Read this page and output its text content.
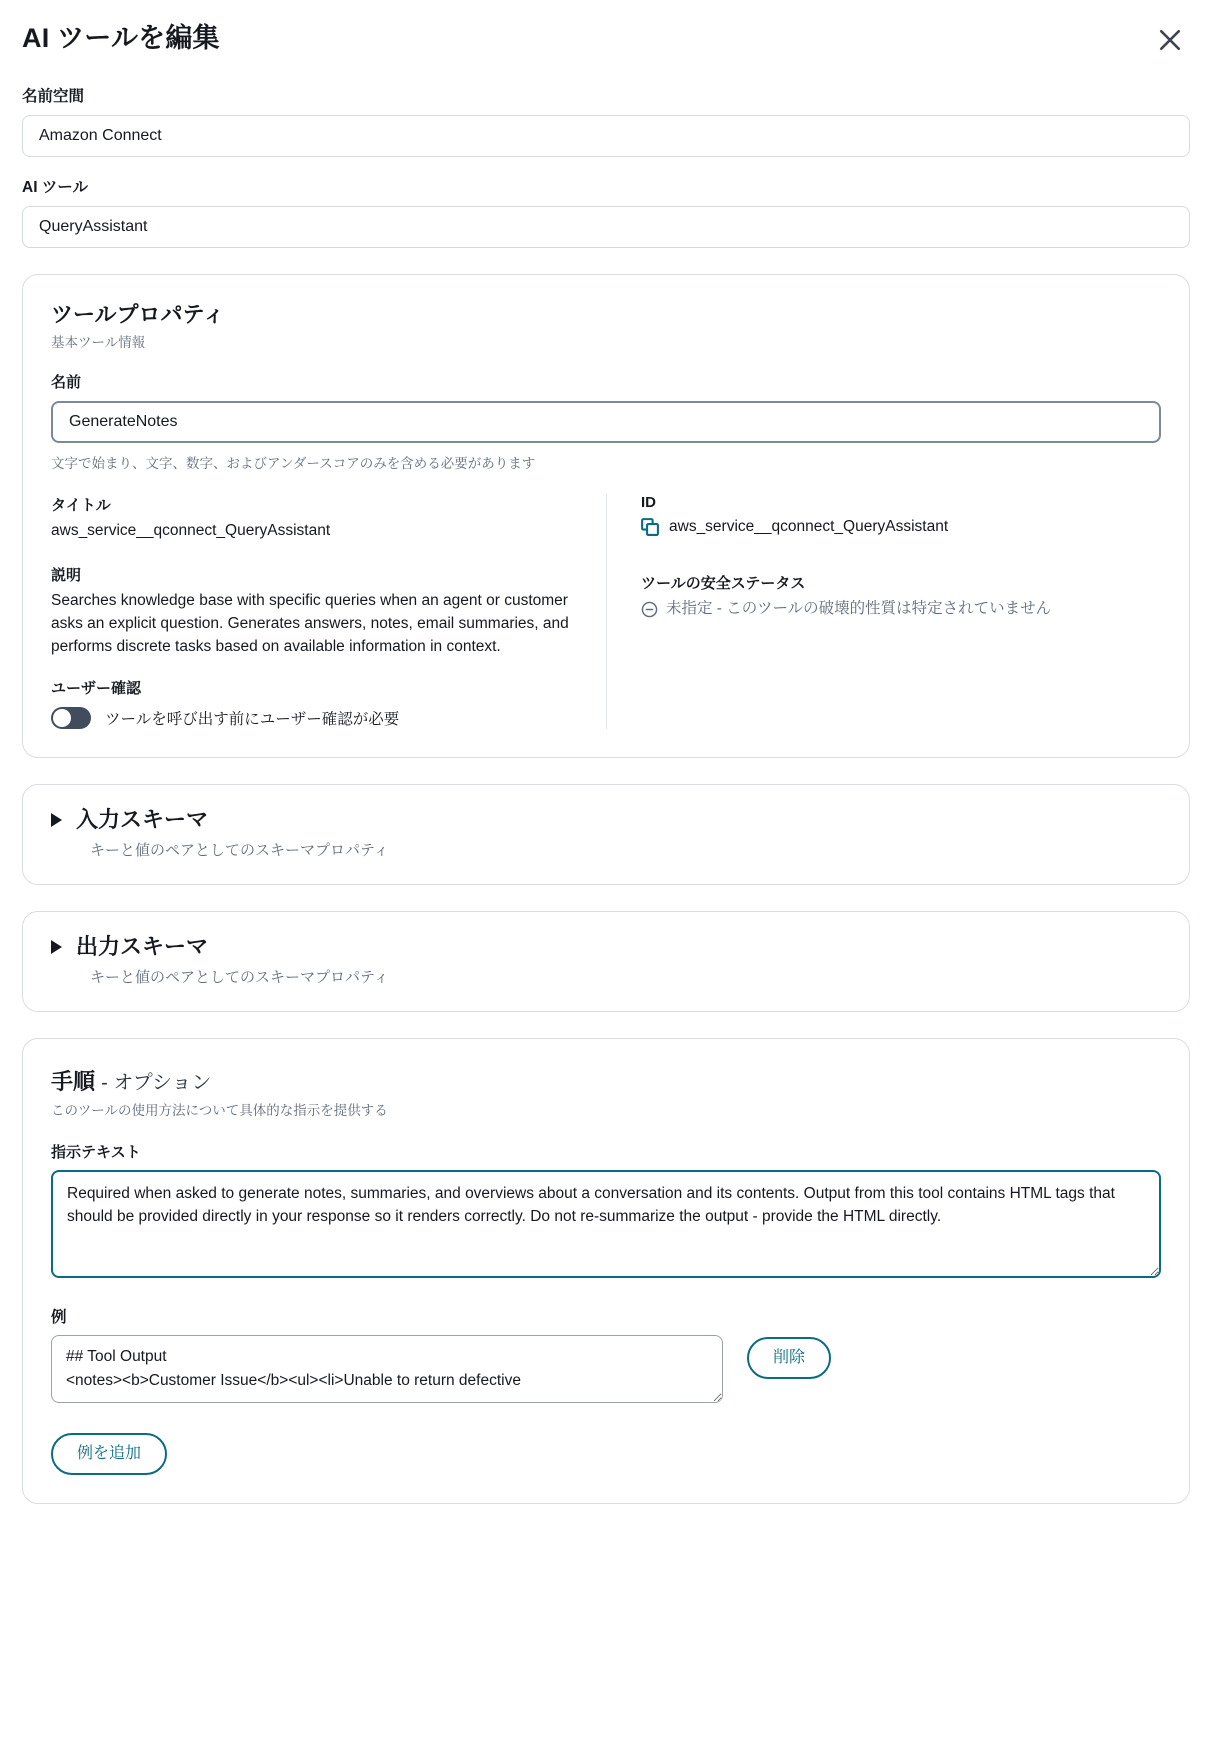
AI ツールを編集
名前空間
Amazon Connect
AI ツール
QueryAssistant
ツールプロパティ

基本ツール情報

名前
GenerateNotes

文字で始まり、文字、数字、およびアンダースコアのみを含める必要があります

タイトル

aws_service__qconnect_QueryAssistant

説明

Searches knowledge base with specific queries when an agent or customer asks an explicit question. Generates answers, notes, email summaries, and performs discrete tasks based on available information in context.

ユーザー確認

ツールを呼び出す前にユーザー確認が必要

ID

aws_service__qconnect_QueryAssistant

ツールの安全ステータス

未指定 - このツールの破壊的性質は特定されていません
入力スキーマ
キーと値のペアとしてのスキーマプロパティ
出力スキーマ
キーと値のペアとしてのスキーマプロパティ
手順 - オプション

このツールの使用方法について具体的な指示を提供する

指示テキスト
Required when asked to generate notes, summaries, and overviews about a conversation and its contents. Output from this tool contains HTML tags that should be provided directly in your response so it renders correctly. Do not re-summarize the output - provide the HTML directly.
例
## Tool Output <notes><b>Customer Issue</b><ul><li>Unable to return defective
削除
例を追加
